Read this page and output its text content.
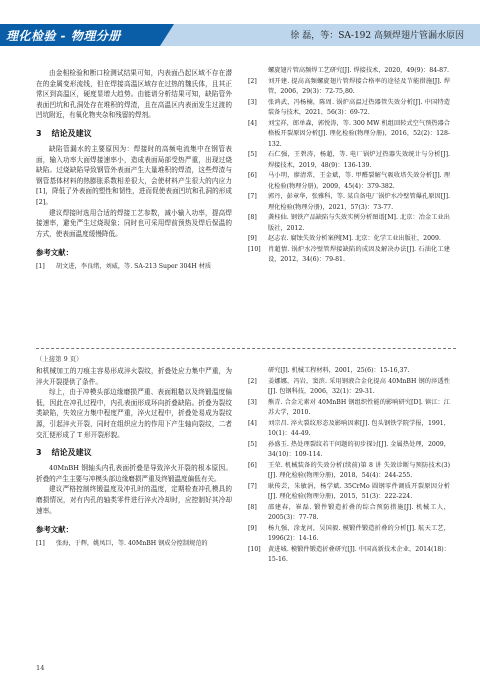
理化检验 - 物理分册	徐 磊，等：SA-192 高频焊翅片管漏水原因

由金相检验和断口检测试结果可知，内表面凸起区域不存在潜在的金属变形流线，但在焊接高温区域存在过热的魏氏体，且其正常区到高温区，硬度显增大趋势。由能谱分析结果可知，缺陷管外表面凹坑和孔洞处存在堆积的焊渣，且在高温区内表面发生过渡的凹坑附近，有氧化物夹杂和残留的焊剂。

3 结论及建议

缺陷管漏水的主要原因为：焊接时的高频电流集中在钢管表面，输入功率大面焊接速率小，造成表面局部受热严重，出现过烧缺陷。过烧缺陷导致钢管外表面产生大量堆积的焊渣，这些焊渣与钢管基体材料的热膨胀系数相差很大，会使材料产生很大的内应力[1]，降低了外表面的塑性和韧性，进而促使表面凹坑和孔洞的形成[2]。

建议焊接时选用合适的焊接工艺参数，减小输入功率，提高焊接速率，避免严生过烧现象；同时也可采用焊前预热及焊后保温的方式，使表面温度缓慢降低。

参考文献：
[1]	胡文进，李良绪，刘威，等. SA-213 Super 304H 材质
螺旋翅片管高频焊工艺研究[J]. 焊接技术，2020，49(9)：84-87.
[2]	刘开建. 提高高频螺旋翅片管焊接合格率的途径及节能措施[J]. 焊管，2006，29(3)：72-75,80.
[3]	张鸿武，冯杨楠，陈周. 锅炉高温过热器管失效分析[J]. 中国特造装备与技术，2021，56(3)：69-72.
[4]	刘宝祥，郎单森，郭悦涛，等. 300 MW 机组回转式空气预热器合格板开裂原因分析[J]. 理化检验(物理分册)，2016，52(2)：128-132.
[5]	石仁强，王碧涛，杨超，等. 电厂锅炉过热器失效统计与分析[J]. 焊接技术，2019，48(9)：136-139.
[6]	马小明，廖清常，王金斌，等. 甲醛裂解气吸收塔失效分析[J]. 理化检验(物理分册)，2009，45(4)：379-382.
[7]	郭丹，彭章华，张雅科，等. 某自备电厂锅炉水冷壁管爆孔原因[J]. 理化检验(物理分册)，2021，57(3)：73-77.
[8]	龚桂仙. 钢铁产品缺陷与失效实例分析图谱[M]. 北京：冶金工业出版社，2012.
[9]	赵志农. 腐蚀失效分析案例[M]. 北京：化学工业出版社，2009.
[10]	肖超情. 锅炉水冷壁管焊接缺陷的成因及解决办法[J]. 石油化工建设，2012，34(6)：79-81.
（上接第 9 页）

和机械加工的刀痕主容易形成淬火裂纹，折叠处应力集中严重，为淬火开裂提供了条件。

综上，由于冲模头部边缘磨损严重、表面粗糙以及终锻温度偏低，因此在冲孔过程中，内孔表面形成环向折叠缺陷。折叠为裂纹类缺陷，失效应力集中程度严重，淬火过程中，折叠处易成为裂纹源，引起淬火开裂，同时在组织应力的作用下产生轴向裂纹，二者交汇便形成了 T 形开裂形貌。

3 结论及建议

40MnBH 钢轴头内孔表面折叠是导致淬火开裂的根本原因。折叠的产生主要与冲模头部边缘磨损严重及终锻温度偏低有关。

建议严格控制终锻温度及冲孔时的温度，定期检查冲孔模具的磨损情况，对有内孔的轴类零件进行淬火冷却时，应控制好其冷却速率。

参考文献：
[1]	张海，于辉，姚凤巨，等. 40MnBH 钢成分控制规范的
研究[J]. 机械工程材料，2001，25(6)：15-16,37.
[2]	姜娜娜，冯岩，窦滨. 采用钢液合金化提高 40MnBH 钢的淬透性[J]. 包钢科技，2006，32(1)：29-31.
[3]	熊青. 合金元素对 40MnBH 钢组织性能的影响研究[D]. 镇江：江苏大学，2010.
[4]	刘宗昌. 淬火裂纹形态及影响因素[J]. 包头钢铁学院学报，1991，10(1)：44-49.
[5]	孙盛玉. 热处理裂纹若干问题的初步探讨[J]. 金属热处理，2009，34(10)：109-114.
[6]	王荣. 机械装备的失效分析(续前)第 8 讲 失效诊断与预防技术(3)[J]. 理化检验(物理分册)，2018，54(4)：244-255.
[7]	耿传芸，朱敏涓，杨学斌. 35CrMo 圆钢零件调质开裂原因分析[J]. 理化检验(物理分册)，2015，51(3)：222-224.
[8]	邵建春，崔磊. 锻件锻造折叠的综合预防措施[J]. 机械工人，2005(3)：77-78.
[9]	杨九强，涂龙河，吴国毅. 模锻件锻造折叠的分析[J]. 航天工艺，1996(2)：14-16.
[10]	黄进城. 模锻件锻造折叠研究[J]. 中国高新技术企业，2014(18)：15-16.
14
